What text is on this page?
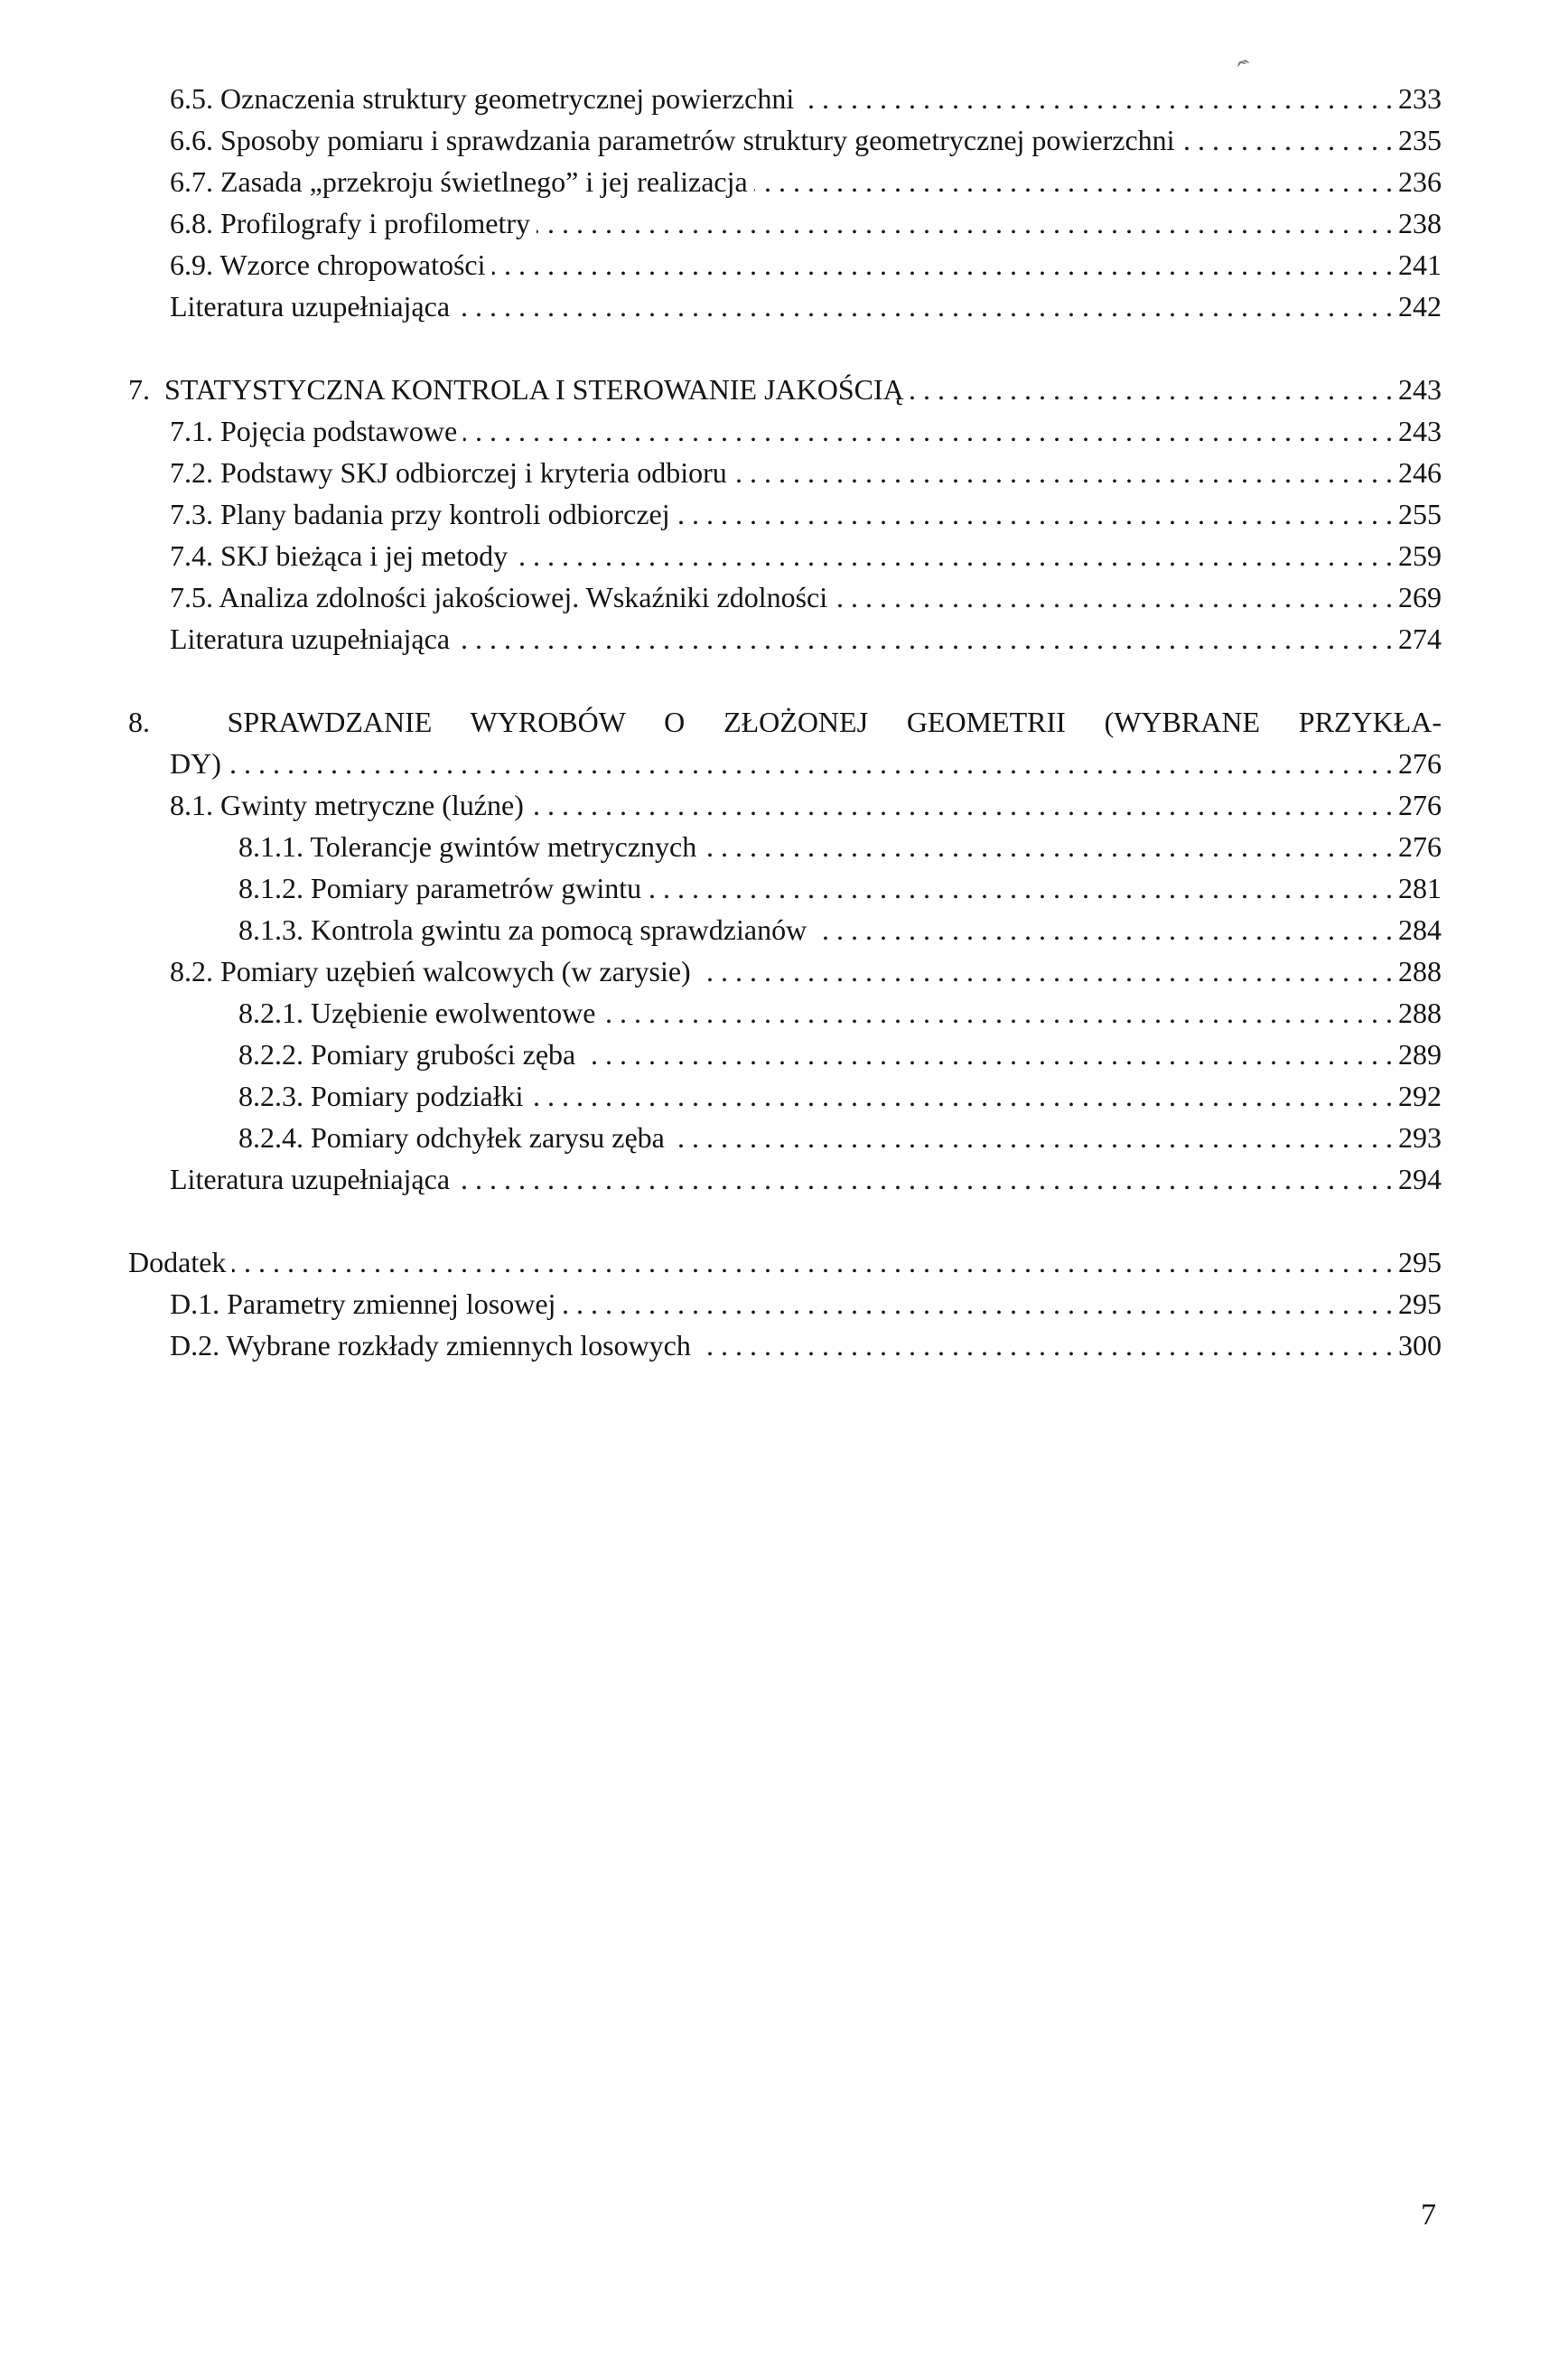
ˆˋ
6.5. Oznaczenia struktury geometrycznej powierzchni . . .	233
6.6. Sposoby pomiaru i sprawdzania parametrów struktury geometrycznej powierzchni . . .	235
6.7. Zasada „przekroju świetlnego” i jej realizacja . . .	236
6.8. Profilografy i profilometry . . .	238
6.9. Wzorce chropowatości . . .	241
Literatura uzupełniająca . . .	242
7.  STATYSTYCZNA KONTROLA I STEROWANIE JAKOŚCIĄ . . .	243
7.1. Pojęcia podstawowe . . .	243
7.2. Podstawy SKJ odbiorczej i kryteria odbioru . . .	246
7.3. Plany badania przy kontroli odbiorczej . . .	255
7.4. SKJ bieżąca i jej metody . . .	259
7.5. Analiza zdolności jakościowej. Wskaźniki zdolności . . .	269
Literatura uzupełniająca . . .	274
8.  SPRAWDZANIE WYROBÓW O ZŁOŻONEJ GEOMETRII (WYBRANE PRZYKŁA-
DY) . . .	276
8.1. Gwinty metryczne (luźne) . . .	276
8.1.1. Tolerancje gwintów metrycznych . . .	276
8.1.2. Pomiary parametrów gwintu . . .	281
8.1.3. Kontrola gwintu za pomocą sprawdzianów . . .	284
8.2. Pomiary uzębień walcowych (w zarysie) . . .	288
8.2.1. Uzębienie ewolwentowe . . .	288
8.2.2. Pomiary grubości zęba . . .	289
8.2.3. Pomiary podziałki . . .	292
8.2.4. Pomiary odchyłek zarysu zęba . . .	293
Literatura uzupełniająca . . .	294
Dodatek . . .	295
D.1. Parametry zmiennej losowej . . .	295
D.2. Wybrane rozkłady zmiennych losowych . . .	300
7
